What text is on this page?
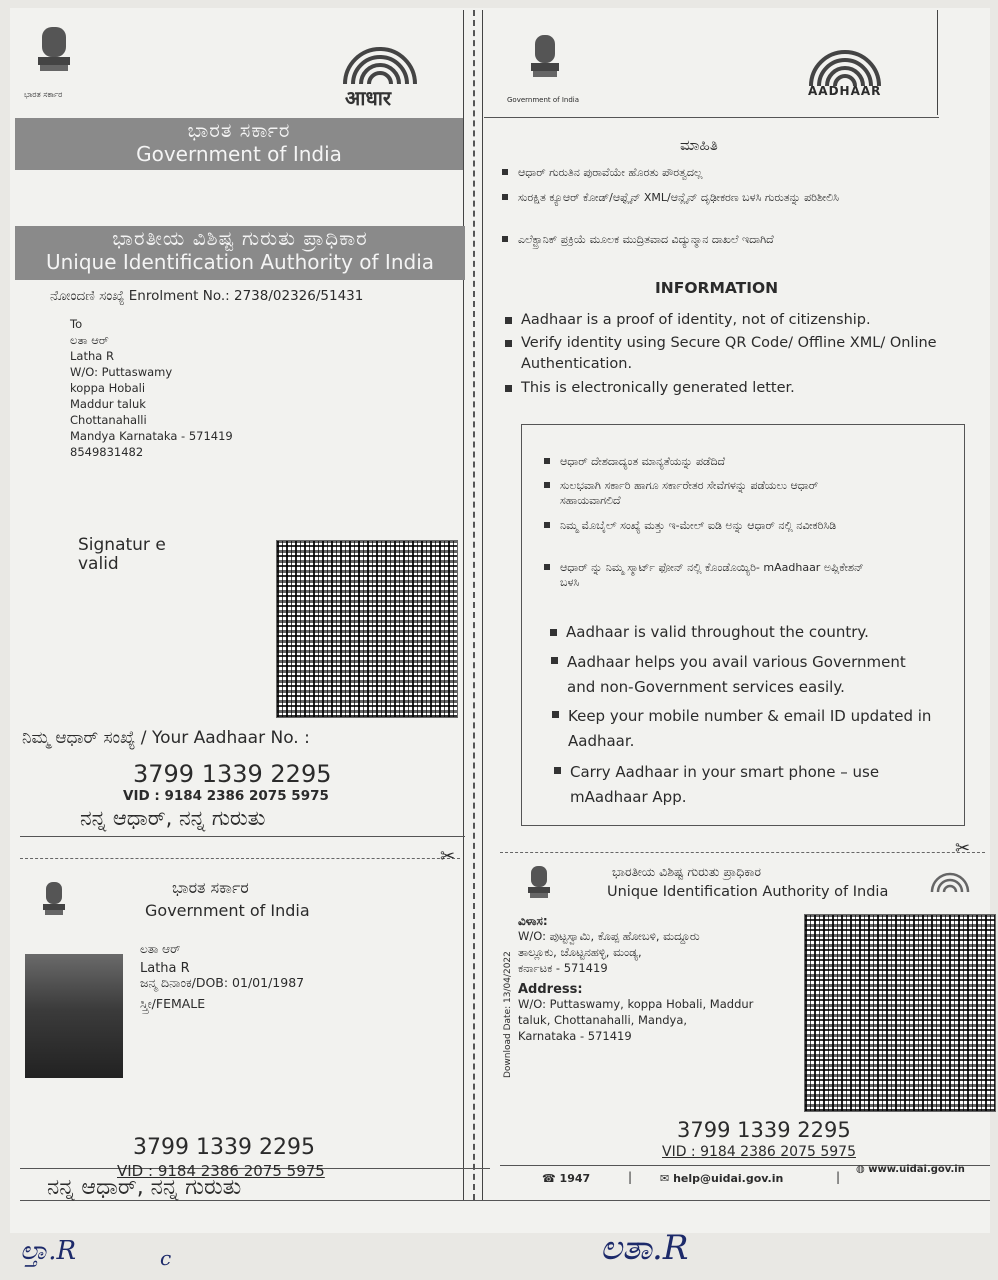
✂	✂
ಭಾರತ ಸರ್ಕಾರ	आधार
ಭಾರತ ಸರ್ಕಾರ
Government of India
ಭಾರತೀಯ ವಿಶಿಷ್ಟ ಗುರುತು ಪ್ರಾಧಿಕಾರ
Unique Identification Authority of India
ನೋಂದಣಿ ಸಂಖ್ಯೆ Enrolment No.: 2738/02326/51431
To
ಲತಾ ಆರ್
Latha R
W/O: Puttaswamy
koppa Hobali
Maddur taluk
Chottanahalli
Mandya Karnataka - 571419
8549831482
Signatur e valid
ನಿಮ್ಮ ಆಧಾರ್ ಸಂಖ್ಯೆ / Your Aadhaar No. :
3799 1339 2295
VID : 9184 2386 2075 5975
ನನ್ನ ಆಧಾರ್, ನನ್ನ ಗುರುತು
Government of India
AADHAAR
ಮಾಹಿತಿ
ಆಧಾರ್ ಗುರುತಿನ ಪುರಾವೆಯೇ ಹೊರತು ಪೌರತ್ವದಲ್ಲ
ಸುರಕ್ಷಿತ ಕ್ಯೂಆರ್ ಕೋಡ್/ಆಫ್ಲೈನ್ XML/ಆನ್ಲೈನ್ ದೃಢೀಕರಣ ಬಳಸಿ ಗುರುತನ್ನು ಪರಿಶೀಲಿಸಿ
ಎಲೆಕ್ಟ್ರಾನಿಕ್ ಪ್ರಕ್ರಿಯೆ ಮೂಲಕ ಮುದ್ರಿತವಾದ ವಿದ್ಯುನ್ಮಾನ ದಾಖಲೆ ಇದಾಗಿದೆ
INFORMATION
Aadhaar is a proof of identity, not of citizenship.
Verify identity using Secure QR Code/ Offline XML/ Online Authentication.
This is electronically generated letter.
ಆಧಾರ್ ದೇಶದಾದ್ಯಂತ ಮಾನ್ಯತೆಯನ್ನು ಪಡೆದಿದೆ
ಸುಲಭವಾಗಿ ಸರ್ಕಾರಿ ಹಾಗೂ ಸರ್ಕಾರೇತರ ಸೇವೆಗಳನ್ನು ಪಡೆಯಲು ಆಧಾರ್ ಸಹಾಯವಾಗಲಿದೆ
ನಿಮ್ಮ ಮೊಬೈಲ್ ಸಂಖ್ಯೆ ಮತ್ತು ಇ-ಮೇಲ್ ಐಡಿ ಅನ್ನು ಆಧಾರ್ ನಲ್ಲಿ ನವೀಕರಿಸಿಡಿ
ಆಧಾರ್ ನ್ನು ನಿಮ್ಮ ಸ್ಮಾರ್ಟ್ ಫೋನ್ ನಲ್ಲಿ ಕೊಂಡೊಯ್ಯಿರಿ- mAadhaar ಅಪ್ಲಿಕೇಶನ್ ಬಳಸಿ
Aadhaar is valid throughout the country.
Aadhaar helps you avail various Government and non-Government services easily.
Keep your mobile number & email ID updated in Aadhaar.
Carry Aadhaar in your smart phone – use mAadhaar App.
ಭಾರತ ಸರ್ಕಾರ
Government of India
ಲತಾ ಆರ್
Latha R
ಜನ್ಮ ದಿನಾಂಕ/DOB: 01/01/1987
ಸ್ತ್ರೀ/FEMALE
3799 1339 2295
VID : 9184 2386 2075 5975
ನನ್ನ ಆಧಾರ್, ನನ್ನ ಗುರುತು
ಭಾರತೀಯ ವಿಶಿಷ್ಟ ಗುರುತು ಪ್ರಾಧಿಕಾರ
Unique Identification Authority of India
Download Date: 13/04/2022
ವಿಳಾಸ:
W/O: ಪುಟ್ಟಸ್ವಾಮಿ, ಕೊಪ್ಪ ಹೋಬಳಿ, ಮದ್ದೂರು
ತಾಲ್ಲೂಕು, ಚೊಟ್ಟನಹಳ್ಳಿ, ಮಂಡ್ಯ,
ಕರ್ನಾಟಕ - 571419
Address:
W/O: Puttaswamy, koppa Hobali, Maddur
taluk, Chottanahalli, Mandya,
Karnataka - 571419
3799 1339 2295
VID : 9184 2386 2075 5975
☎ 1947	|	✉ help@uidai.gov.in	|
◍ www.uidai.gov.in
ಲ್ತಾ.R	c	ಲತಾ.R
